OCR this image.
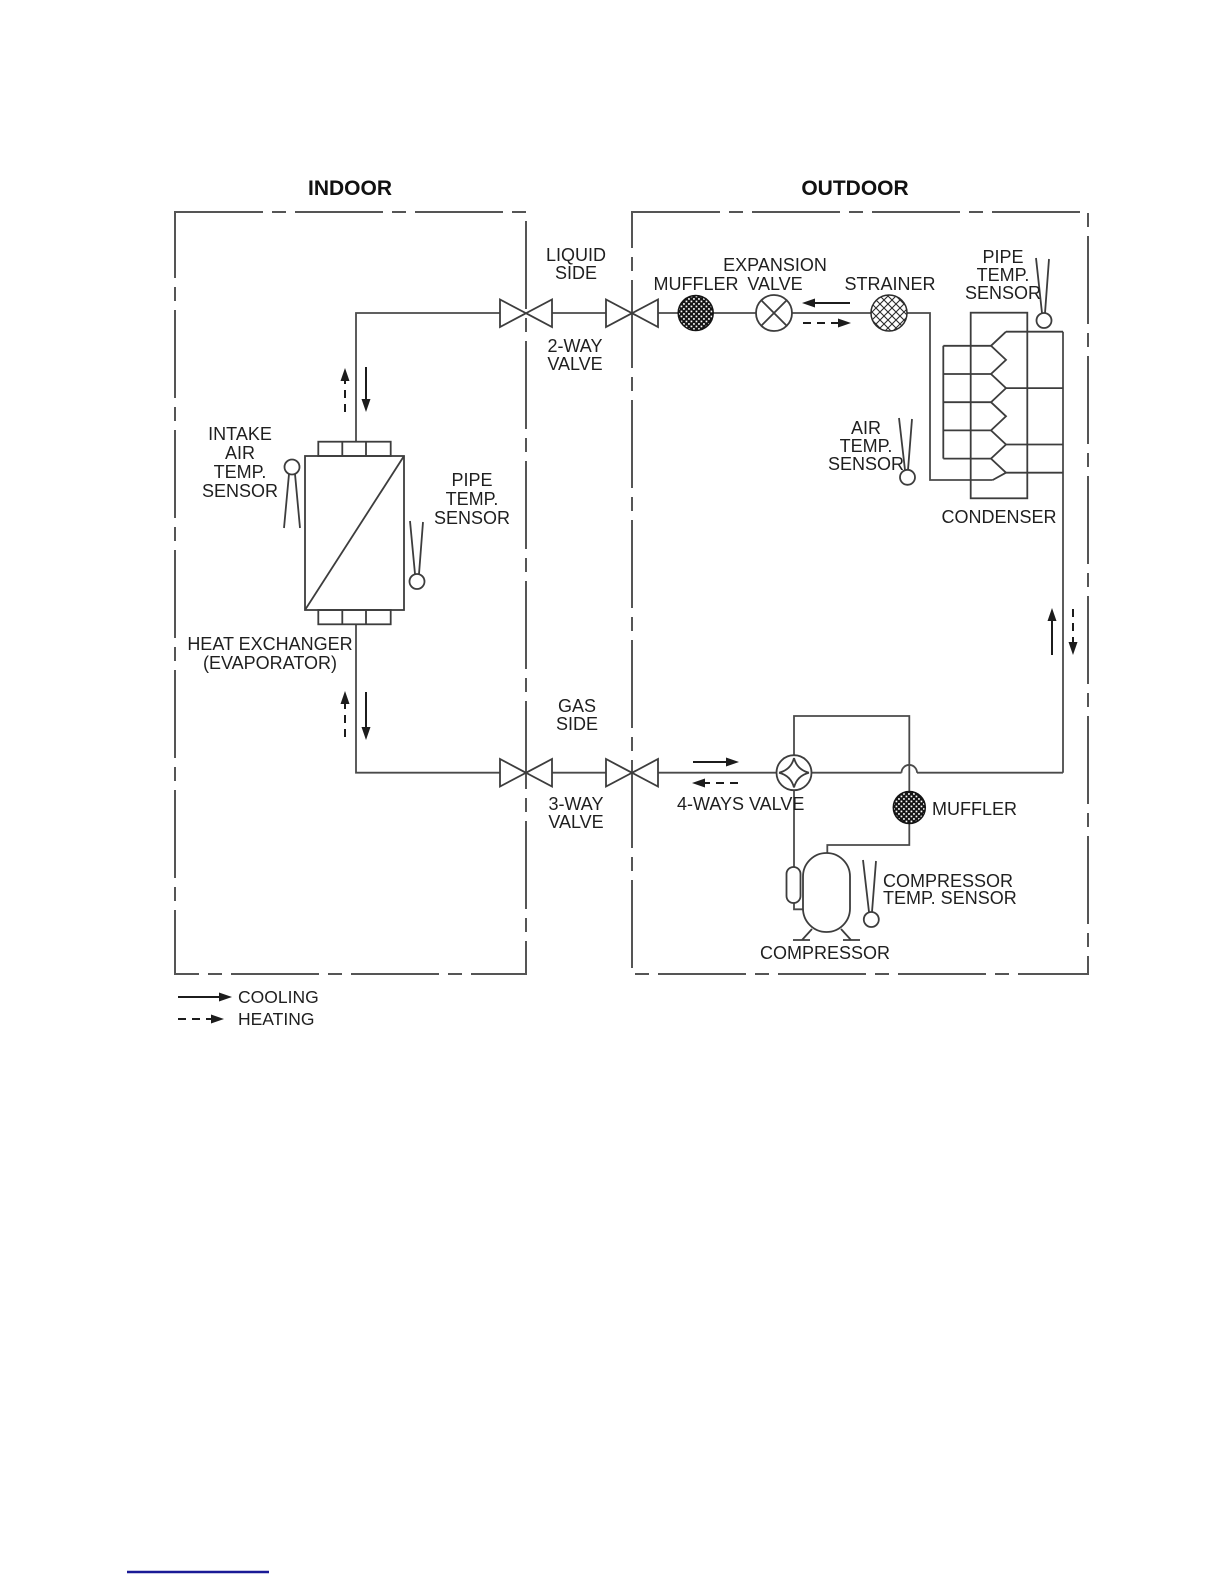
INDOOR	OUTDOOR
LIQUID
SIDE
2-WAY
VALVE
MUFFLER
EXPANSION
VALVE STRAINER
PIPE
TEMP.
SENSOR
AIR
TEMP.
SENSOR
CONDENSER
INTAKE
AIR
TEMP.
SENSOR
PIPE
TEMP.
SENSOR
HEAT EXCHANGER
(EVAPORATOR)
GAS
SIDE
3-WAY
VALVE
4-WAYS VALVE	MUFFLER
COMPRESSOR
TEMP. SENSOR
COMPRESSOR
COOLING
HEATING
